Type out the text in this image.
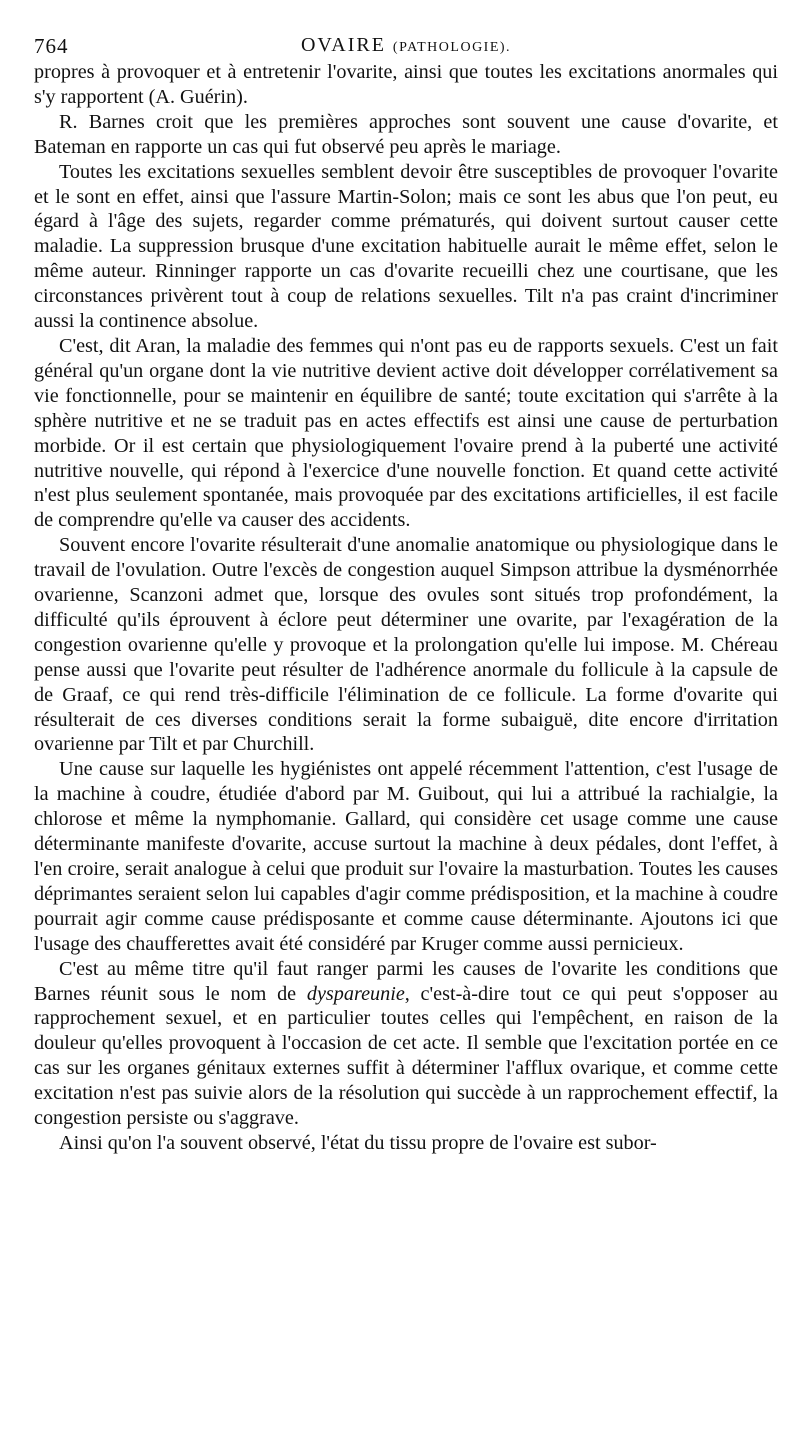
764	OVAIRE (PATHOLOGIE).

propres à provoquer et à entretenir l'ovarite, ainsi que toutes les excitations anormales qui s'y rapportent (A. Guérin).

R. Barnes croit que les premières approches sont souvent une cause d'ovarite, et Bateman en rapporte un cas qui fut observé peu après le mariage.

Toutes les excitations sexuelles semblent devoir être susceptibles de provoquer l'ovarite et le sont en effet, ainsi que l'assure Martin-Solon; mais ce sont les abus que l'on peut, eu égard à l'âge des sujets, regarder comme prématurés, qui doivent surtout causer cette maladie. La suppression brusque d'une excitation habituelle aurait le même effet, selon le même auteur. Rinninger rapporte un cas d'ovarite recueilli chez une courtisane, que les circonstances privèrent tout à coup de relations sexuelles. Tilt n'a pas craint d'incriminer aussi la continence absolue.

C'est, dit Aran, la maladie des femmes qui n'ont pas eu de rapports sexuels. C'est un fait général qu'un organe dont la vie nutritive devient active doit développer corrélativement sa vie fonctionnelle, pour se maintenir en équilibre de santé; toute excitation qui s'arrête à la sphère nutritive et ne se traduit pas en actes effectifs est ainsi une cause de perturbation morbide. Or il est certain que physiologiquement l'ovaire prend à la puberté une activité nutritive nouvelle, qui répond à l'exercice d'une nouvelle fonction. Et quand cette activité n'est plus seulement spontanée, mais provoquée par des excitations artificielles, il est facile de comprendre qu'elle va causer des accidents.

Souvent encore l'ovarite résulterait d'une anomalie anatomique ou physiologique dans le travail de l'ovulation. Outre l'excès de congestion auquel Simpson attribue la dysménorrhée ovarienne, Scanzoni admet que, lorsque des ovules sont situés trop profondément, la difficulté qu'ils éprouvent à éclore peut déterminer une ovarite, par l'exagération de la congestion ovarienne qu'elle y provoque et la prolongation qu'elle lui impose. M. Chéreau pense aussi que l'ovarite peut résulter de l'adhérence anormale du follicule à la capsule de de Graaf, ce qui rend très-difficile l'élimination de ce follicule. La forme d'ovarite qui résulterait de ces diverses conditions serait la forme subaiguë, dite encore d'irritation ovarienne par Tilt et par Churchill.

Une cause sur laquelle les hygiénistes ont appelé récemment l'attention, c'est l'usage de la machine à coudre, étudiée d'abord par M. Guibout, qui lui a attribué la rachialgie, la chlorose et même la nymphomanie. Gallard, qui considère cet usage comme une cause déterminante manifeste d'ovarite, accuse surtout la machine à deux pédales, dont l'effet, à l'en croire, serait analogue à celui que produit sur l'ovaire la masturbation. Toutes les causes déprimantes seraient selon lui capables d'agir comme prédisposition, et la machine à coudre pourrait agir comme cause prédisposante et comme cause déterminante. Ajoutons ici que l'usage des chaufferettes avait été considéré par Kruger comme aussi pernicieux.

C'est au même titre qu'il faut ranger parmi les causes de l'ovarite les conditions que Barnes réunit sous le nom de dyspareunie, c'est-à-dire tout ce qui peut s'opposer au rapprochement sexuel, et en particulier toutes celles qui l'empêchent, en raison de la douleur qu'elles provoquent à l'occasion de cet acte. Il semble que l'excitation portée en ce cas sur les organes génitaux externes suffit à déterminer l'afflux ovarique, et comme cette excitation n'est pas suivie alors de la résolution qui succède à un rapprochement effectif, la congestion persiste ou s'aggrave.

Ainsi qu'on l'a souvent observé, l'état du tissu propre de l'ovaire est subor-
